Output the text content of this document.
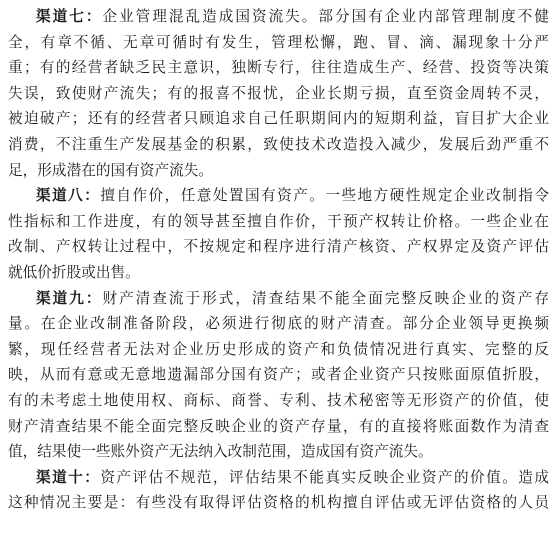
渠道七：企业管理混乱造成国资流失。部分国有企业内部管理制度不健
全，有章不循、无章可循时有发生，管理松懈，跑、冒、滴、漏现象十分严
重；有的经营者缺乏民主意识，独断专行，往往造成生产、经营、投资等决策
失误，致使财产流失；有的报喜不报忧，企业长期亏损，直至资金周转不灵，
被迫破产；还有的经营者只顾追求自己任职期间内的短期利益，盲目扩大企业
消费，不注重生产发展基金的积累，致使技术改造投入减少，发展后劲严重不
足，形成潜在的国有资产流失。
渠道八：擅自作价，任意处置国有资产。一些地方硬性规定企业改制指令
性指标和工作进度，有的领导甚至擅自作价，干预产权转让价格。一些企业在
改制、产权转让过程中，不按规定和程序进行清产核资、产权界定及资产评估
就低价折股或出售。
渠道九：财产清查流于形式，清查结果不能全面完整反映企业的资产存
量。在企业改制准备阶段，必须进行彻底的财产清查。部分企业领导更换频
繁，现任经营者无法对企业历史形成的资产和负债情况进行真实、完整的反
映，从而有意或无意地遗漏部分国有资产；或者企业资产只按账面原值折股，
有的未考虑土地使用权、商标、商誉、专利、技术秘密等无形资产的价值，使
财产清查结果不能全面完整反映企业的资产存量，有的直接将账面数作为清查
值，结果使一些账外资产无法纳入改制范围，造成国有资产流失。
渠道十：资产评估不规范，评估结果不能真实反映企业资产的价值。造成
这种情况主要是：有些没有取得评估资格的机构擅自评估或无评估资格的人员
